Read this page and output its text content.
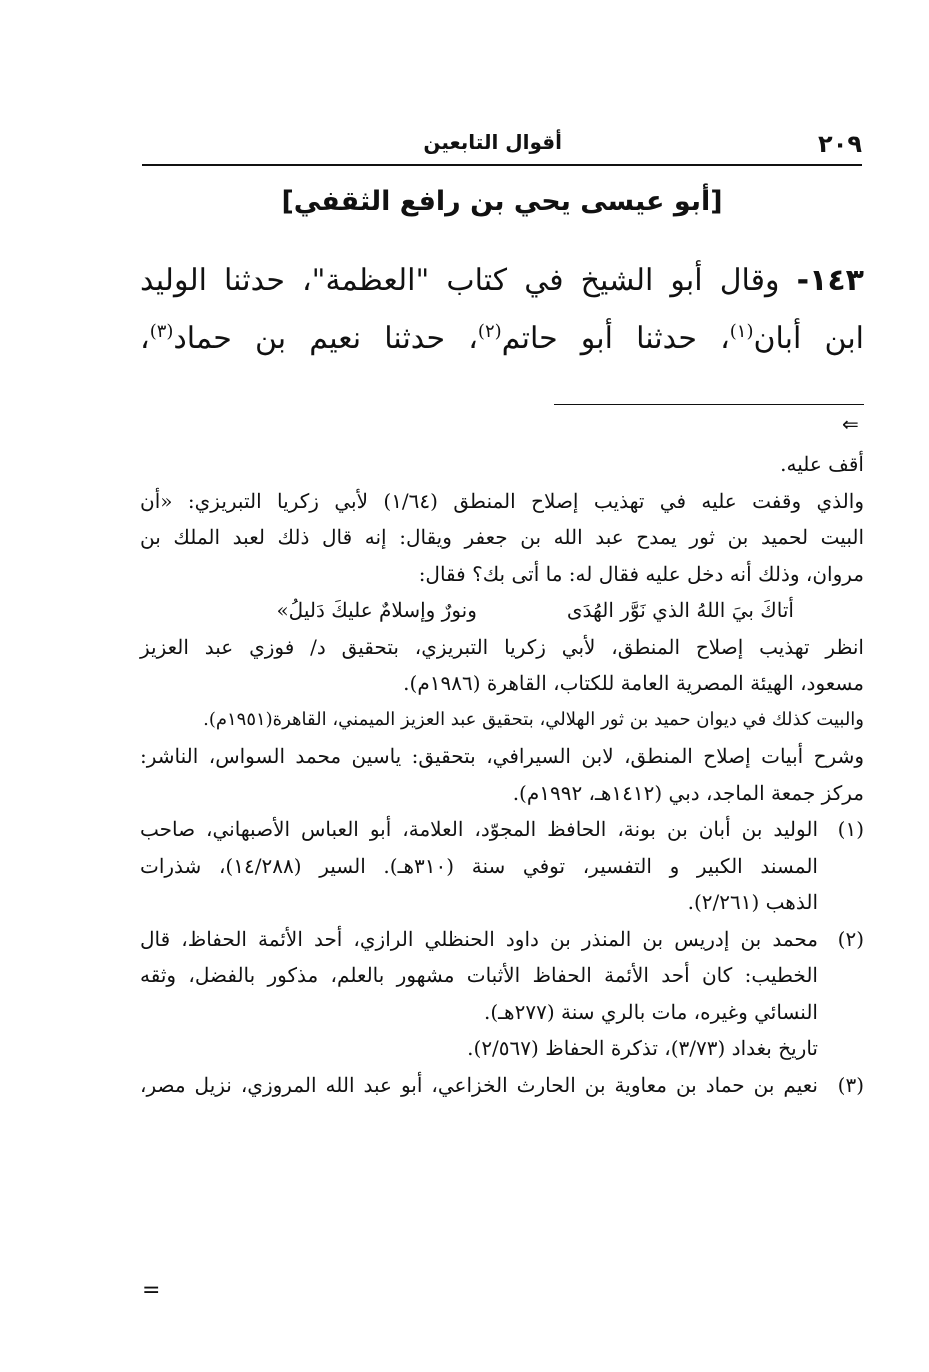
٢٠٩
أقوال التابعين
[أبو عيسى يحي بن رافع الثقفي]
١٤٣- وقال أبو الشيخ في كتاب "العظمة"، حدثنا الوليد
ابن أبان$^{(١)}$، حدثنا أبو حاتم$^{(٢)}$، حدثنا نعيم بن حماد$^{(٣)}$،
⇐
أقف عليه.
والذي وقفت عليه في تهذيب إصلاح المنطق (١/٦٤) لأبي زكريا التبريزي: «أن
البيت لحميد بن ثور يمدح عبد الله بن جعفر ويقال: إنه قال ذلك لعبد الملك بن
مروان، وذلك أنه دخل عليه فقال له: ما أتى بك؟ فقال:
أتاكَ بيَ اللهُ الذي نَوَّر الهُدَى
ونورٌ وإسلامٌ عليكَ دَليلُ»
انظر تهذيب إصلاح المنطق، لأبي زكريا التبريزي، بتحقيق د/ فوزي عبد العزيز
مسعود، الهيئة المصرية العامة للكتاب، القاهرة (١٩٨٦م).
والبيت كذلك في ديوان حميد بن ثور الهلالي، بتحقيق عبد العزيز الميمني، القاهرة(١٩٥١م).
وشرح أبيات إصلاح المنطق، لابن السيرافي، بتحقيق: ياسين محمد السواس، الناشر:
مركز جمعة الماجد، دبي (١٤١٢هـ، ١٩٩٢م).
(١)
الوليد بن أبان بن بونة، الحافظ المجوّد، العلامة، أبو العباس الأصبهاني، صاحب
المسند الكبير و التفسير، توفي سنة (٣١٠هـ). السير (١٤/٢٨٨)، شذرات
الذهب (٢/٢٦١).
(٢)
محمد بن إدريس بن المنذر بن داود الحنظلي الرازي، أحد الأئمة الحفاظ، قال
الخطيب: كان أحد الأئمة الحفاظ الأثبات مشهور بالعلم، مذكور بالفضل، وثقه
النسائي وغيره، مات بالري سنة (٢٧٧هـ).
تاريخ بغداد (٣/٧٣)، تذكرة الحفاظ (٢/٥٦٧).
(٣)
نعيم بن حماد بن معاوية بن الحارث الخزاعي، أبو عبد الله المروزي، نزيل مصر،
=
